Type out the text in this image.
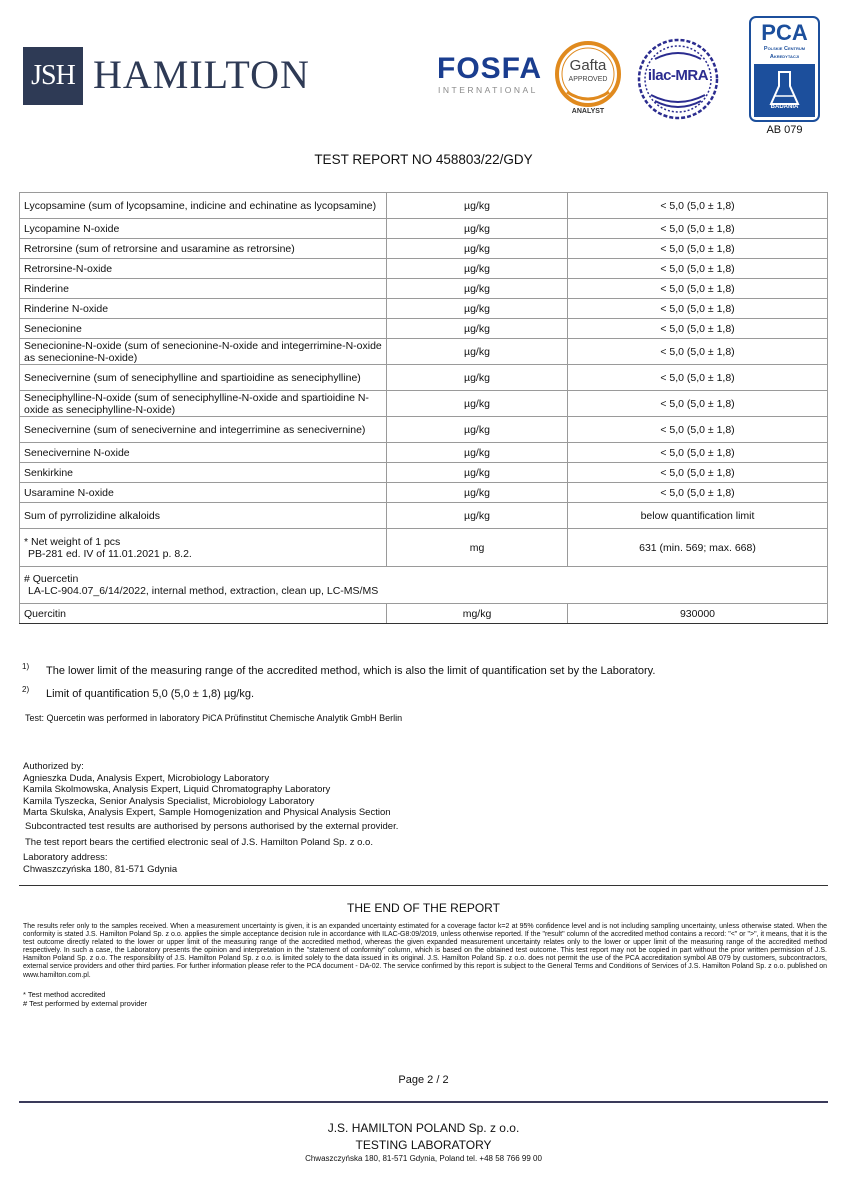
JSH HAMILTON	FOSFA
INTERNATIONAL
Gafta
APPROVED
ANALYST
ilac-MRA
PCA
Polskie Centrum
Akredytacji
BADANIA
AB 079
TEST REPORT NO 458803/22/GDY
Lycopsamine (sum of lycopsamine, indicine and echinatine as lycopsamine)	µg/kg	< 5,0 (5,0 ± 1,8)
Lycopamine N-oxide	µg/kg	< 5,0 (5,0 ± 1,8)
Retrorsine (sum of retrorsine and usaramine as retrorsine)	µg/kg	< 5,0 (5,0 ± 1,8)
Retrorsine-N-oxide	µg/kg	< 5,0 (5,0 ± 1,8)
Rinderine	µg/kg	< 5,0 (5,0 ± 1,8)
Rinderine N-oxide	µg/kg	< 5,0 (5,0 ± 1,8)
Senecionine	µg/kg	< 5,0 (5,0 ± 1,8)
Senecionine-N-oxide (sum of senecionine-N-oxide and integerrimine-N-oxide as senecionine-N-oxide)	µg/kg	< 5,0 (5,0 ± 1,8)
Senecivernine (sum of seneciphylline and spartioidine as seneciphylline)	µg/kg	< 5,0 (5,0 ± 1,8)
Seneciphylline-N-oxide (sum of seneciphylline-N-oxide and spartioidine N-oxide as seneciphylline-N-oxide)	µg/kg	< 5,0 (5,0 ± 1,8)
Senecivernine (sum of senecivernine and integerrimine as senecivernine)	µg/kg	< 5,0 (5,0 ± 1,8)
Senecivernine N-oxide	µg/kg	< 5,0 (5,0 ± 1,8)
Senkirkine	µg/kg	< 5,0 (5,0 ± 1,8)
Usaramine N-oxide	µg/kg	< 5,0 (5,0 ± 1,8)
Sum of pyrrolizidine alkaloids	µg/kg	below quantification limit

* Net weight of 1 pcs
PB-281 ed. IV of 11.01.2021 p. 8.2.	mg	631 (min. 569; max. 668)

# Quercetin
LA-LC-904.07_6/14/2022, internal method, extraction, clean up, LC-MS/MS		

Quercitin	mg/kg	930000
1) The lower limit of the measuring range of the accredited method, which is also the limit of quantification set by the Laboratory.
2) Limit of quantification 5,0 (5,0 ± 1,8) µg/kg.
Test: Quercetin was performed in laboratory PiCA Prüfinstitut Chemische Analytik GmbH Berlin
Authorized by:
Agnieszka Duda, Analysis Expert, Microbiology Laboratory
Kamila Skolmowska, Analysis Expert, Liquid Chromatography Laboratory
Kamila Tyszecka, Senior Analysis Specialist, Microbiology Laboratory
Marta Skulska, Analysis Expert, Sample Homogenization and Physical Analysis Section
Subcontracted test results are authorised by persons authorised by the external provider.
The test report bears the certified electronic seal of J.S. Hamilton Poland Sp. z o.o.
Laboratory address:
Chwaszczyńska 180, 81-571 Gdynia
THE END OF THE REPORT
The results refer only to the samples received. When a measurement uncertainty is given, it is an expanded uncertainty estimated for a coverage factor k=2 at 95% confidence level and is not including sampling uncertainty, unless otherwise stated. When the conformity is stated J.S. Hamilton Poland Sp. z o.o. applies the simple acceptance decision rule in accordance with ILAC-G8:09/2019, unless otherwise reported. If the "result" column of the accredited method contains a record: "<" or ">", it means, that it is the test outcome directly related to the lower or upper limit of the measuring range of the accredited method, whereas the given expanded measurement uncertainty relates only to the lower or upper limit of the measuring range of the accredited method respectively. In such a case, the Laboratory presents the opinion and interpretation in the "statement of conformity" column, which is based on the obtained test outcome. This test report may not be copied in part without the prior written permission of J.S. Hamilton Poland Sp. z o.o. The responsibility of J.S. Hamilton Poland Sp. z o.o. is limited solely to the data issued in its original. J.S. Hamilton Poland Sp. z o.o. does not permit the use of the PCA accreditation symbol AB 079 by customers, subcontractors, external service providers and other third parties. For further information please refer to the PCA document - DA-02. The service confirmed by this report is subject to the General Terms and Conditions of Services of J.S. Hamilton Poland Sp. z o.o. published on www.hamilton.com.pl.
* Test method accredited
# Test performed by external provider
Page 2 / 2
J.S. HAMILTON POLAND Sp. z o.o.
TESTING LABORATORY
Chwaszczyńska 180, 81-571 Gdynia, Poland tel. +48 58 766 99 00
